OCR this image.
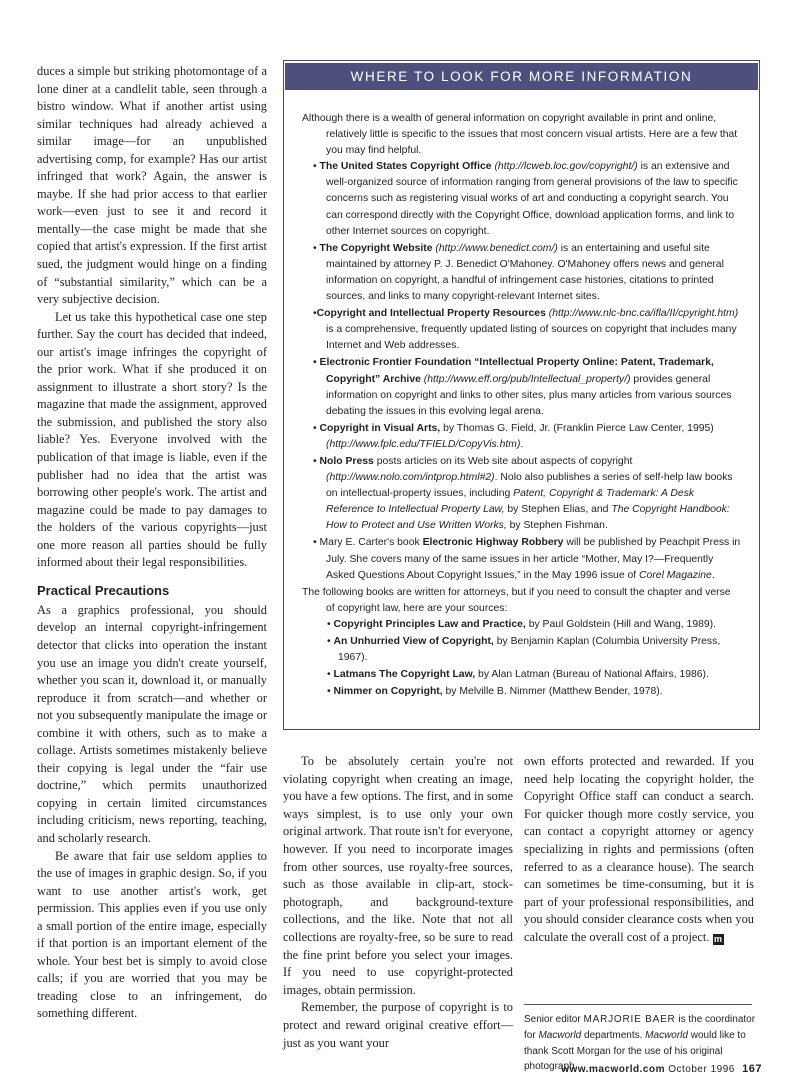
duces a simple but striking photomontage of a lone diner at a candlelit table, seen through a bistro window. What if another artist using similar techniques had already achieved a similar image—for an unpublished advertising comp, for example? Has our artist infringed that work? Again, the answer is maybe. If she had prior access to that earlier work—even just to see it and record it mentally—the case might be made that she copied that artist's expression. If the first artist sued, the judgment would hinge on a finding of “substantial similarity,” which can be a very subjective decision.

Let us take this hypothetical case one step further. Say the court has decided that indeed, our artist's image infringes the copyright of the prior work. What if she produced it on assignment to illustrate a short story? Is the magazine that made the assignment, approved the submission, and published the story also liable? Yes. Everyone involved with the publication of that image is liable, even if the publisher had no idea that the artist was borrowing other people's work. The artist and magazine could be made to pay damages to the holders of the various copyrights—just one more reason all parties should be fully informed about their legal responsibilities.

Practical Precautions

As a graphics professional, you should develop an internal copyright-infringement detector that clicks into operation the instant you use an image you didn't create yourself, whether you scan it, download it, or manually reproduce it from scratch—and whether or not you subsequently manipulate the image or combine it with others, such as to make a collage. Artists sometimes mistakenly believe their copying is legal under the “fair use doctrine,” which permits unauthorized copying in certain limited circumstances including criticism, news reporting, teaching, and scholarly research.

Be aware that fair use seldom applies to the use of images in graphic design. So, if you want to use another artist's work, get permission. This applies even if you use only a small portion of the entire image, especially if that portion is an important element of the whole. Your best bet is simply to avoid close calls; if you are worried that you may be treading close to an infringement, do something different.

WHERE TO LOOK FOR MORE INFORMATION

Although there is a wealth of general information on copyright available in print and online, relatively little is specific to the issues that most concern visual artists. Here are a few that you may find helpful.

• The United States Copyright Office (http://lcweb.loc.gov/copyright/) is an extensive and well-organized source of information ranging from general provisions of the law to specific concerns such as registering visual works of art and conducting a copyright search. You can correspond directly with the Copyright Office, download application forms, and link to other Internet sources on copyright.

• The Copyright Website (http://www.benedict.com/) is an entertaining and useful site maintained by attorney P. J. Benedict O'Mahoney. O'Mahoney offers news and general information on copyright, a handful of infringement case histories, citations to printed sources, and links to many copyright-relevant Internet sites.

•Copyright and Intellectual Property Resources (http://www.nlc-bnc.ca/ifla/II/cpyright.htm) is a comprehensive, frequently updated listing of sources on copyright that includes many Internet and Web addresses.

• Electronic Frontier Foundation “Intellectual Property Online: Patent, Trademark, Copyright” Archive (http://www.eff.org/pub/Intellectual_property/) provides general information on copyright and links to other sites, plus many articles from various sources debating the issues in this evolving legal arena.

• Copyright in Visual Arts, by Thomas G. Field, Jr. (Franklin Pierce Law Center, 1995) (http://www.fplc.edu/TFIELD/CopyVis.htm).

• Nolo Press posts articles on its Web site about aspects of copyright (http://www.nolo.com/intprop.html#2). Nolo also publishes a series of self-help law books on intellectual-property issues, including Patent, Copyright & Trademark: A Desk Reference to Intellectual Property Law, by Stephen Elias, and The Copyright Handbook: How to Protect and Use Written Works, by Stephen Fishman.

• Mary E. Carter's book Electronic Highway Robbery will be published by Peachpit Press in July. She covers many of the same issues in her article “Mother, May I?—Frequently Asked Questions About Copyright Issues,” in the May 1996 issue of Corel Magazine.

The following books are written for attorneys, but if you need to consult the chapter and verse of copyright law, here are your sources:

• Copyright Principles Law and Practice, by Paul Goldstein (Hill and Wang, 1989).

• An Unhurried View of Copyright, by Benjamin Kaplan (Columbia University Press, 1967).

• Latmans The Copyright Law, by Alan Latman (Bureau of National Affairs, 1986).

• Nimmer on Copyright, by Melville B. Nimmer (Matthew Bender, 1978).

To be absolutely certain you're not violating copyright when creating an image, you have a few options. The first, and in some ways simplest, is to use only your own original artwork. That route isn't for everyone, however. If you need to incorporate images from other sources, use royalty-free sources, such as those available in clip-art, stock-photograph, and background-texture collections, and the like. Note that not all collections are royalty-free, so be sure to read the fine print before you select your images. If you need to use copyright-protected images, obtain permission.

Remember, the purpose of copyright is to protect and reward original creative effort—just as you want your

own efforts protected and rewarded. If you need help locating the copyright holder, the Copyright Office staff can conduct a search. For quicker though more costly service, you can contact a copyright attorney or agency specializing in rights and permissions (often referred to as a clearance house). The search can sometimes be time-consuming, but it is part of your professional responsibilities, and you should consider clearance costs when you calculate the overall cost of a project. m

Senior editor MARJORIE BAER is the coordinator for Macworld departments. Macworld would like to thank Scott Morgan for the use of his original photograph.
www.macworld.com October 1996 167
